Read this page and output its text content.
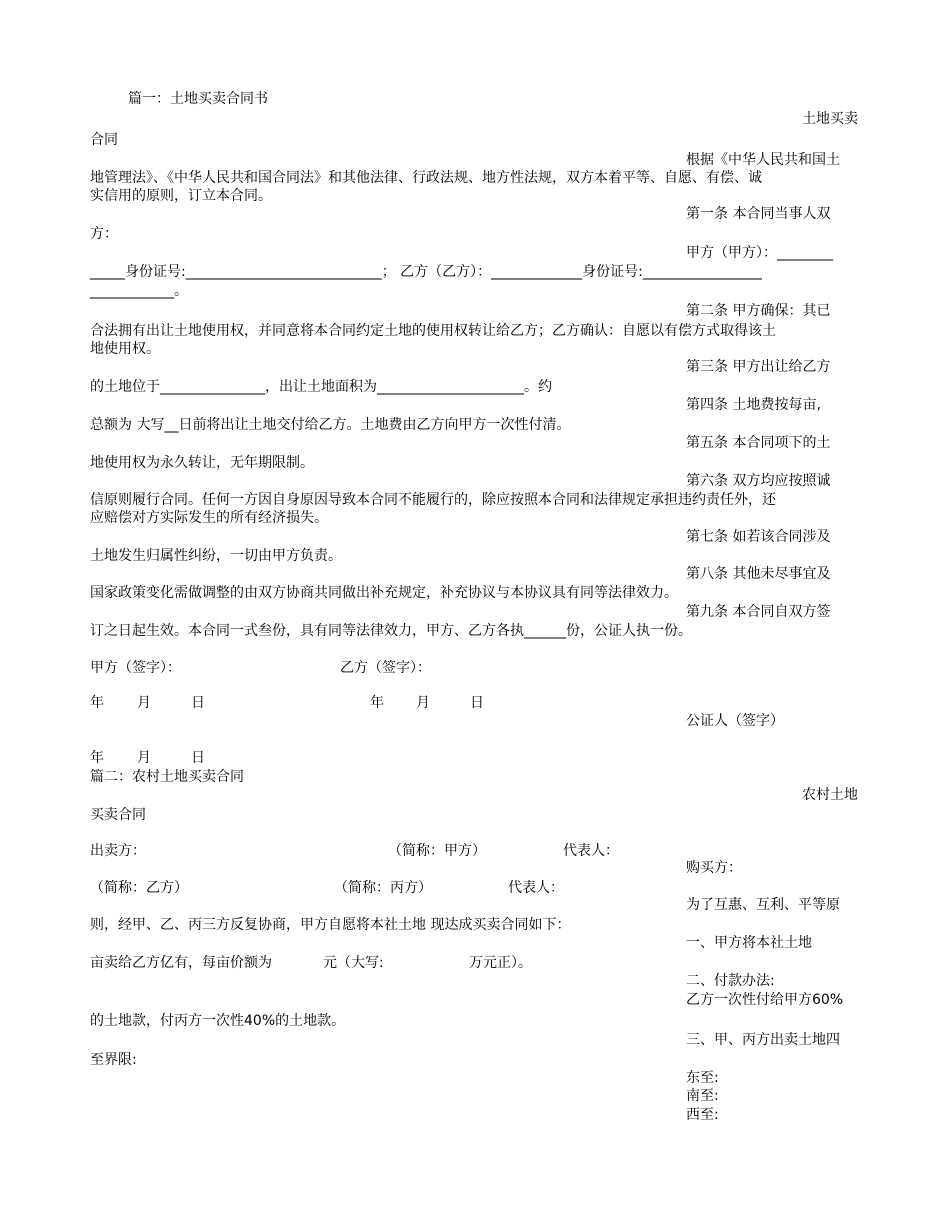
篇一：土地买卖合同书
土地买卖
合同
根据《中华人民共和国土
地管理法》、《中华人民共和国合同法》和其他法律、行政法规、地方性法规，双方本着平等、自愿、有偿、诚
实信用的原则，订立本合同。
第一条 本合同当事人双
方：
甲方（甲方）：________
_____身份证号:____________________________； 乙方（乙方）：_____________身份证号:_________________
____________。
第二条 甲方确保：其已
合法拥有出让土地使用权，并同意将本合同约定土地的使用权转让给乙方；乙方确认：自愿以有偿方式取得该土
地使用权。
第三条 甲方出让给乙方
的土地位于_______________，出让土地面积为_____________________。约
第四条 土地费按每亩,
总额为 大写__日前将出让土地交付给乙方。土地费由乙方向甲方一次性付清。
第五条 本合同项下的土
地使用权为永久转让，无年期限制。
第六条 双方均应按照诚
信原则履行合同。任何一方因自身原因导致本合同不能履行的，除应按照本合同和法律规定承担违约责任外，还
应赔偿对方实际发生的所有经济损失。
第七条 如若该合同涉及
土地发生归属性纠纷，一切由甲方负责。
第八条 其他未尽事宜及
国家政策变化需做调整的由双方协商共同做出补充规定，补充协议与本协议具有同等法律效力。
第九条 本合同自双方签
订之日起生效。本合同一式叁份，具有同等法律效力，甲方、乙方各执______份，公证人执一份。
甲方（签字）：	乙方（签字）：
年 月	日	年 月	日
公证人（签字）
年 月	日
篇二：农村土地买卖合同
农村土地
买卖合同
出卖方：	（简称：甲方）	代表人：
购买方：
（简称：乙方）	（简称：丙方）	代表人：
为了互惠、互利、平等原
则，经甲、乙、丙三方反复协商，甲方自愿将本社土地 现达成买卖合同如下：
一、甲方将本社土地
亩卖给乙方亿有，每亩价额为	元（大写:	万元正）。
二、付款办法:
乙方一次性付给甲方60%
的土地款，付丙方一次性40%的土地款。
三、甲、丙方出卖土地四
至界限:
东至:
南至:
西至:
